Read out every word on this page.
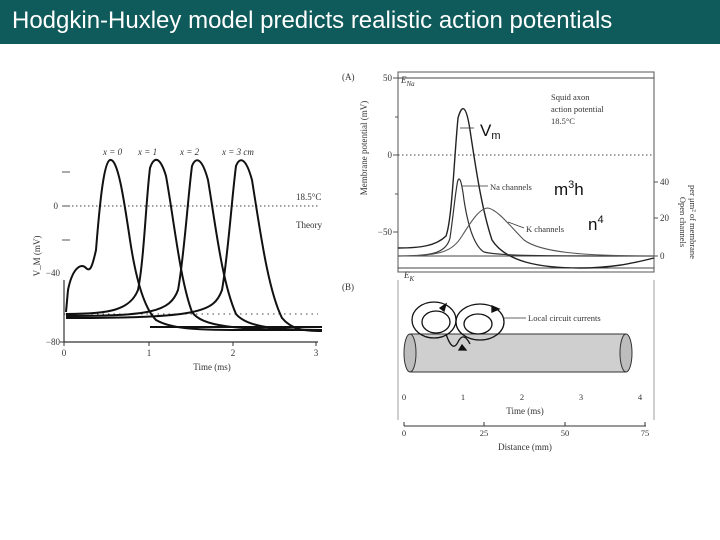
Hodgkin-Huxley model predicts realistic action potentials
x = 0 x = 1	x = 2	x = 3 cm
18.5°C
Theory
0
−40
−80
V_M (mV)
0	1	2	3
Time (ms)
(A)	$E_{Na}$
$E_K$
Squid axon
action potential
18.5°C
Na channels
K channels
50
0
−50
Membrane potential (mV)	40
20
0
Open channels per μm² of membrane
(B)
Local circuit currents
0	1	2	3	4
Time (ms)
0	25	50	75
Distance (mm)
Vm
$m^3h$
$n^4$
